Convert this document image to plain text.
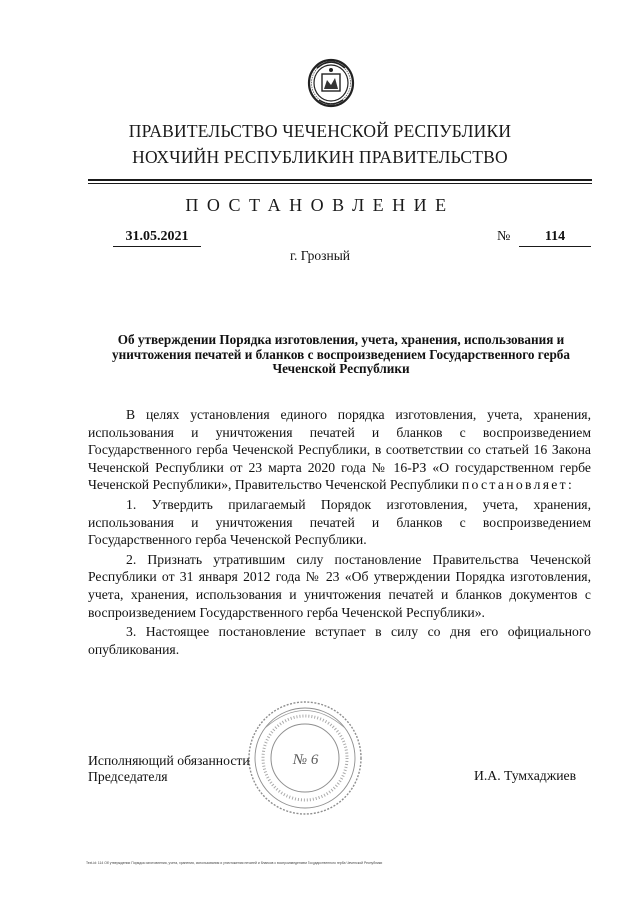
ПРАВИТЕЛЬСТВО ЧЕЧЕНСКОЙ РЕСПУБЛИКИ
НОХЧИЙН РЕСПУБЛИКИН ПРАВИТЕЛЬСТВО
ПОСТАНОВЛЕНИЕ
31.05.2021	№	114
г. Грозный
Об утверждении Порядка изготовления, учета, хранения, использования и уничтожения печатей и бланков с воспроизведением Государственного герба Чеченской Республики

В целях установления единого порядка изготовления, учета, хранения, использования и уничтожения печатей и бланков с воспроизведением Государственного герба Чеченской Республики, в соответствии со статьей 16 Закона Чеченской Республики от 23 марта 2020 года № 16-РЗ «О государственном гербе Чеченской Республики», Правительство Чеченской Республики постановляет:

1. Утвердить прилагаемый Порядок изготовления, учета, хранения, использования и уничтожения печатей и бланков с воспроизведением Государственного герба Чеченской Республики.

2. Признать утратившим силу постановление Правительства Чеченской Республики от 31 января 2012 года № 23 «Об утверждении Порядка изготовления, учета, хранения, использования и уничтожения печатей и бланков документов с воспроизведением Государственного герба Чеченской Республики».

3. Настоящее постановление вступает в силу со дня его официального опубликования.

№ 6
Исполняющий обязанности
Председателя	И.А. Тумхаджиев
Text-id: 114 Об утверждении Порядка изготовления, учета, хранения, использования и уничтожения печатей и бланков с воспроизведением Государственного герба Чеченской Республики
